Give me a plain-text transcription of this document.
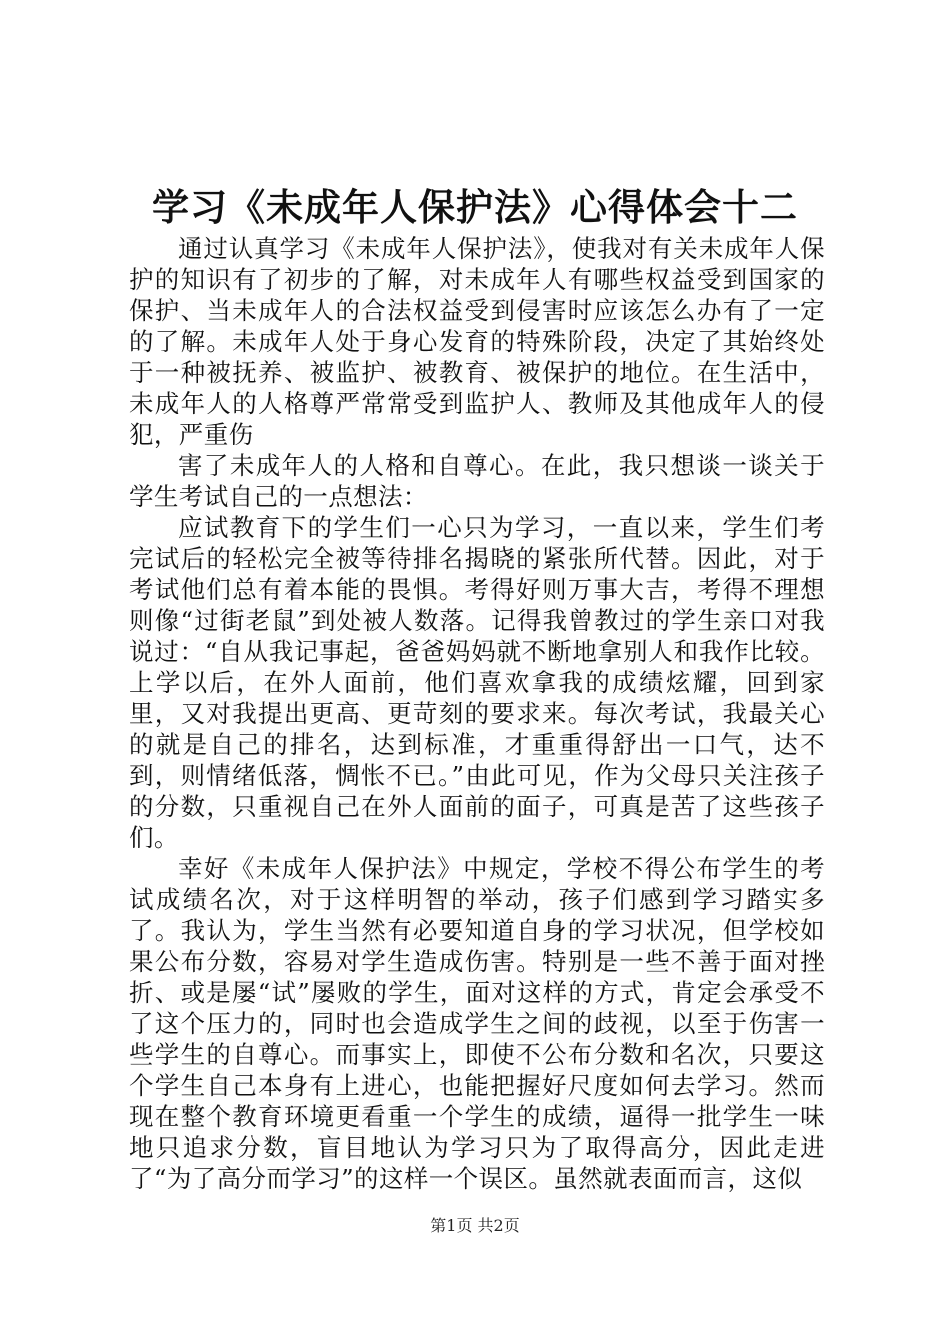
学习《未成年人保护法》心得体会十二

通过认真学习《未成年人保护法》，使我对有关未成年人保护的知识有了初步的了解，对未成年人有哪些权益受到国家的保护、当未成年人的合法权益受到侵害时应该怎么办有了一定的了解。未成年人处于身心发育的特殊阶段，决定了其始终处于一种被抚养、被监护、被教育、被保护的地位。在生活中，未成年人的人格尊严常常受到监护人、教师及其他成年人的侵犯，严重伤

害了未成年人的人格和自尊心。在此，我只想谈一谈关于学生考试自己的一点想法：

应试教育下的学生们一心只为学习，一直以来，学生们考完试后的轻松完全被等待排名揭晓的紧张所代替。因此，对于考试他们总有着本能的畏惧。考得好则万事大吉，考得不理想则像“过街老鼠”到处被人数落。记得我曾教过的学生亲口对我说过：“自从我记事起，爸爸妈妈就不断地拿别人和我作比较。上学以后，在外人面前，他们喜欢拿我的成绩炫耀，回到家里，又对我提出更高、更苛刻的要求来。每次考试，我最关心的就是自己的排名，达到标准，才重重得舒出一口气，达不到，则情绪低落，惆怅不已。”由此可见，作为父母只关注孩子的分数，只重视自己在外人面前的面子，可真是苦了这些孩子们。

幸好《未成年人保护法》中规定，学校不得公布学生的考试成绩名次，对于这样明智的举动，孩子们感到学习踏实多了。我认为，学生当然有必要知道自身的学习状况，但学校如果公布分数，容易对学生造成伤害。特别是一些不善于面对挫折、或是屡“试”屡败的学生，面对这样的方式，肯定会承受不了这个压力的，同时也会造成学生之间的歧视，以至于伤害一些学生的自尊心。而事实上，即使不公布分数和名次，只要这个学生自己本身有上进心，也能把握好尺度如何去学习。然而现在整个教育环境更看重一个学生的成绩，逼得一批学生一味地只追求分数，盲目地认为学习只为了取得高分，因此走进了“为了高分而学习”的这样一个误区。虽然就表面而言，这似

第1页 共2页
